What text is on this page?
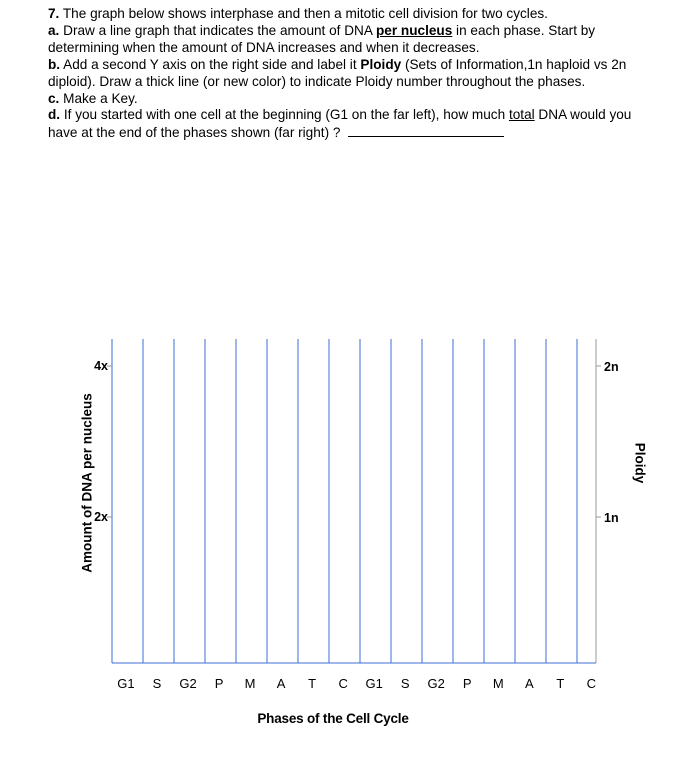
7. The graph below shows interphase and then a mitotic cell division for two cycles.

a. Draw a line graph that indicates the amount of DNA per nucleus in each phase. Start by determining when the amount of DNA increases and when it decreases.

b. Add a second Y axis on the right side and label it Ploidy (Sets of Information,1n haploid vs 2n diploid). Draw a thick line (or new color) to indicate Ploidy number throughout the phases.

c. Make a Key.

d. If you started with one cell at the beginning (G1 on the far left), how much total DNA would you have at the end of the phases shown (far right) ?

G1 S G2 P M A T C G1 S G2 P M A T C
2x
4x
1n
2n
Amount of DNA per nucleus	Ploidy
Phases of the Cell Cycle
